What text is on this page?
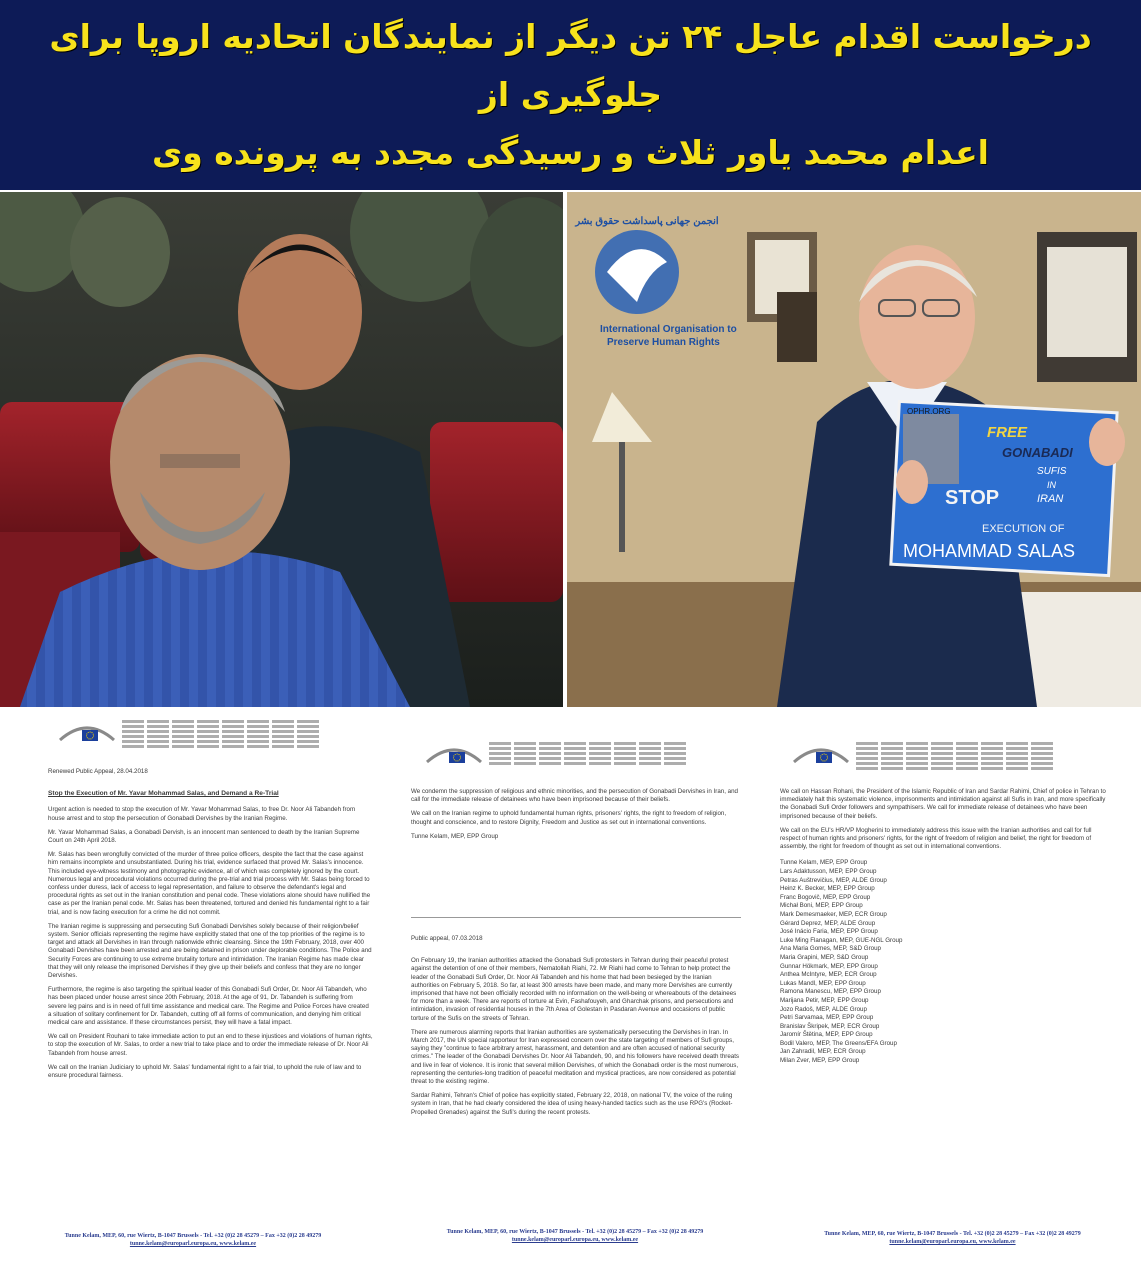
درخواست اقدام عاجل ۲۴ تن دیگر از نمایندگان اتحادیه اروپا برای جلوگیری از
اعدام محمد یاور ثلاث و رسیدگی مجدد به پرونده وی
انجمن جهانی پاسداشت حقوق بشر
International Organisation to
Preserve Human Rights
OPHR.ORG
FREE
GONABADI
SUFIS
IN
IRAN
STOP
EXECUTION OF
MOHAMMAD SALAS

Renewed Public Appeal, 28.04.2018

Stop the Execution of Mr. Yavar Mohammad Salas, and Demand a Re-Trial

Urgent action is needed to stop the execution of Mr. Yavar Mohammad Salas, to free Dr. Noor Ali Tabandeh from house arrest and to stop the persecution of Gonabadi Dervishes by the Iranian Regime.

Mr. Yavar Mohammad Salas, a Gonabadi Dervish, is an innocent man sentenced to death by the Iranian Supreme Court on 24th April 2018.

Mr. Salas has been wrongfully convicted of the murder of three police officers, despite the fact that the case against him remains incomplete and unsubstantiated. During his trial, evidence surfaced that proved Mr. Salas's innocence. This included eye-witness testimony and photographic evidence, all of which was completely ignored by the court. Numerous legal and procedural violations occurred during the pre-trial and trial process with Mr. Salas being forced to confess under duress, lack of access to legal representation, and failure to observe the defendant's legal and procedural rights as set out in the Iranian constitution and penal code. These violations alone should have nullified the case as per the Iranian penal code. Mr. Salas has been threatened, tortured and denied his fundamental right to a fair trial, and is now facing execution for a crime he did not commit.

The Iranian regime is suppressing and persecuting Sufi Gonabadi Dervishes solely because of their religion/belief system. Senior officials representing the regime have explicitly stated that one of the top priorities of the regime is to target and attack all Dervishes in Iran through nationwide ethnic cleansing. Since the 19th February, 2018, over 400 Gonabadi Dervishes have been arrested and are being detained in prison under deplorable conditions. The Police and Security Forces are continuing to use extreme brutality torture and intimidation. The Iranian Regime has made clear that they will only release the imprisoned Dervishes if they give up their beliefs and confess that they are no longer Dervishes.

Furthermore, the regime is also targeting the spiritual leader of this Gonabadi Sufi Order, Dr. Noor Ali Tabandeh, who has been placed under house arrest since 20th February, 2018. At the age of 91, Dr. Tabandeh is suffering from severe leg pains and is in need of full time assistance and medical care. The Regime and Police Forces have created a situation of solitary confinement for Dr. Tabandeh, cutting off all forms of communication, and denying him critical medical care and assistance. If these circumstances persist, they will have a fatal impact.

We call on President Rouhani to take immediate action to put an end to these injustices and violations of human rights, to stop the execution of Mr. Salas, to order a new trial to take place and to order the immediate release of Dr. Noor Ali Tabandeh from house arrest.

We call on the Iranian Judiciary to uphold Mr. Salas' fundamental right to a fair trial, to uphold the rule of law and to ensure procedural fairness.

Tunne Kelam, MEP, 60, rue Wiertz, B-1047 Brussels - Tel. +32 (0)2 28 45279 – Fax +32 (0)2 28 49279
tunne.kelam@europarl.europa.eu, www.kelam.ee

We condemn the suppression of religious and ethnic minorities, and the persecution of Gonabadi Dervishes in Iran, and call for the immediate release of detainees who have been imprisoned because of their beliefs.

We call on the Iranian regime to uphold fundamental human rights, prisoners' rights, the right to freedom of religion, thought and conscience, and to restore Dignity, Freedom and Justice as set out in international conventions.

Tunne Kelam, MEP, EPP Group

Public appeal, 07.03.2018

On February 19, the Iranian authorities attacked the Gonabadi Sufi protesters in Tehran during their peaceful protest against the detention of one of their members, Nematollah Riahi, 72. Mr Riahi had come to Tehran to help protect the leader of the Gonabadi Sufi Order, Dr. Noor Ali Tabandeh and his home that had been besieged by the Iranian authorities on February 5, 2018. So far, at least 300 arrests have been made, and many more Dervishes are currently imprisoned that have not been officially recorded with no information on the well-being or whereabouts of the detainees for more than a week. There are reports of torture at Evin, Fashafouyeh, and Gharchak prisons, and persecutions and intimidation, invasion of residential houses in the 7th Area of Golestan in Pasdaran Avenue and occasions of public torture of the Sufis on the streets of Tehran.

There are numerous alarming reports that Iranian authorities are systematically persecuting the Dervishes in Iran. In March 2017, the UN special rapporteur for Iran expressed concern over the state targeting of members of Sufi groups, saying they "continue to face arbitrary arrest, harassment, and detention and are often accused of national security crimes." The leader of the Gonabadi Dervishes Dr. Noor Ali Tabandeh, 90, and his followers have received death threats and live in fear of violence. It is ironic that several million Dervishes, of which the Gonabadi order is the most numerous, representing the centuries-long tradition of peaceful meditation and mystical practices, are now considered as potential threat to the existing regime.

Sardar Rahimi, Tehran's Chief of police has explicitly stated, February 22, 2018, on national TV, the voice of the ruling system in Iran, that he had clearly considered the idea of using heavy-handed tactics such as the use RPG's (Rocket-Propelled Grenades) against the Sufi's during the recent protests.

Tunne Kelam, MEP, 60, rue Wiertz, B-1047 Brussels - Tel. +32 (0)2 28 45279 – Fax +32 (0)2 28 49279
tunne.kelam@europarl.europa.eu, www.kelam.ee

We call on Hassan Rohani, the President of the Islamic Republic of Iran and Sardar Rahimi, Chief of police in Tehran to immediately halt this systematic violence, imprisonments and intimidation against all Sufis in Iran, and more specifically the Gonabadi Sufi Order followers and sympathisers. We call for immediate release of detainees who have been imprisoned because of their beliefs.

We call on the EU's HR/VP Mogherini to immediately address this issue with the Iranian authorities and call for full respect of human rights and prisoners' rights, for the right of freedom of religion and belief, the right for freedom of assembly, the right for freedom of thought as set out in international conventions.

Tunne Kelam, MEP, EPP Group
Lars Adaktusson, MEP, EPP Group
Petras Auštrevičius, MEP, ALDE Group
Heinz K. Becker, MEP, EPP Group
Franc Bogovič, MEP, EPP Group
Michał Boni, MEP, EPP Group
Mark Demesmaeker, MEP, ECR Group
Gérard Deprez, MEP, ALDE Group
José Inácio Faria, MEP, EPP Group
Luke Ming Flanagan, MEP, GUE-NGL Group
Ana Maria Gomes, MEP, S&D Group
Maria Grapini, MEP, S&D Group
Gunnar Hökmark, MEP, EPP Group
Anthea McIntyre, MEP, ECR Group
Lukas Mandl, MEP, EPP Group
Ramona Manescu, MEP, EPP Group
Marijana Petir, MEP, EPP Group
Jozo Radoš, MEP, ALDE Group
Petri Sarvamaa, MEP, EPP Group
Branislav Škripek, MEP, ECR Group
Jaromír Štětina, MEP, EPP Group
Bodil Valero, MEP, The Greens/EFA Group
Jan Zahradil, MEP, ECR Group
Milan Zver, MEP, EPP Group
Tunne Kelam, MEP, 60, rue Wiertz, B-1047 Brussels - Tel. +32 (0)2 28 45279 – Fax +32 (0)2 28 49279
tunne.kelam@europarl.europa.eu, www.kelam.ee
